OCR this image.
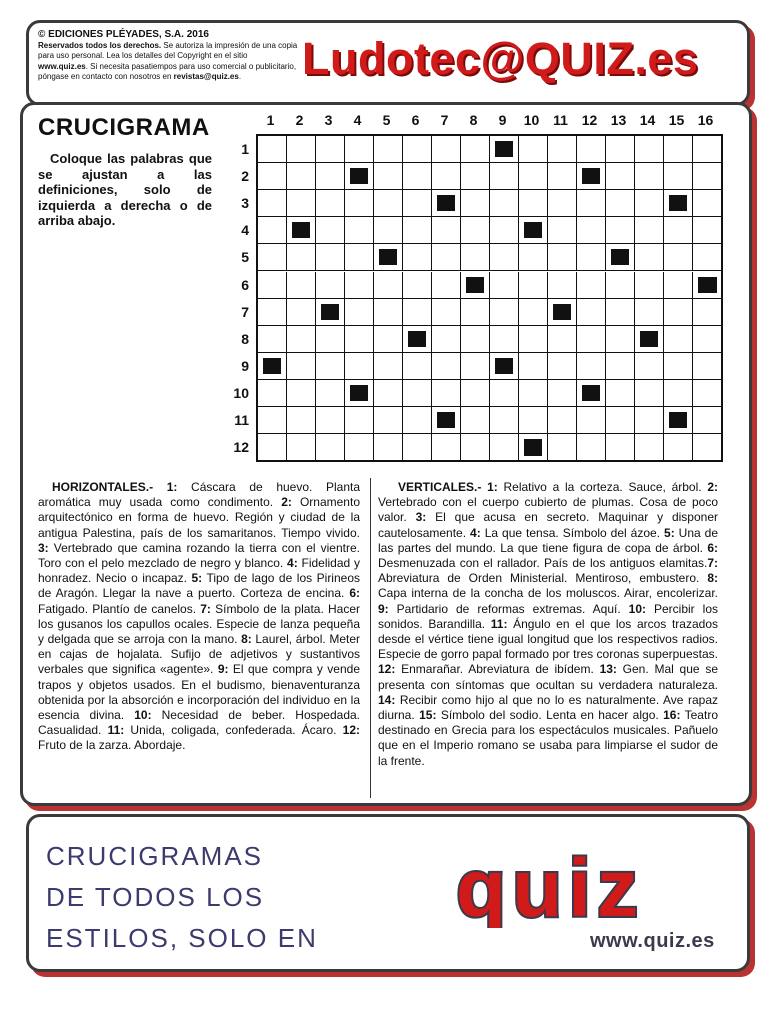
© EDICIONES PLÉYADES, S.A. 2016
Reservados todos los derechos. Se autoriza la impresión de una copia para uso personal. Lea los detalles del Copyright en el sitio www.quiz.es. Si necesita pasatiempos para uso comercial o publicitario, póngase en contacto con nosotros en revistas@quiz.es.	Ludotec@QUIZ.es
CRUCIGRAMA
Coloque las palabras que se ajustan a las definiciones, solo de izquierda a derecha o de arriba abajo.
1	2	3	4	5	6	7	8	9	10 11 12 13 14 15 16
1
2
3
4
5
6
7
8
9
10
11
12
HORIZONTALES.- 1: Cáscara de huevo. Planta aromática muy usada como condimento. 2: Ornamento arquitectónico en forma de huevo. Región y ciudad de la antigua Palestina, país de los samaritanos. Tiempo vivido. 3: Vertebrado que camina rozando la tierra con el vientre. Toro con el pelo mezclado de negro y blanco. 4: Fidelidad y honradez. Necio o incapaz. 5: Tipo de lago de los Pirineos de Aragón. Llegar la nave a puerto. Corteza de encina. 6: Fatigado. Plantío de canelos. 7: Símbolo de la plata. Hacer los gusanos los capullos ocales. Especie de lanza pequeña y delgada que se arroja con la mano. 8: Laurel, árbol. Meter en cajas de hojalata. Sufijo de adjetivos y sustantivos verbales que significa «agente». 9: El que compra y vende trapos y objetos usados. En el budismo, bienaventuranza obtenida por la absorción e incorporación del individuo en la esencia divina. 10: Necesidad de beber. Hospedada. Casualidad. 11: Unida, coligada, confederada. Ácaro. 12: Fruto de la zarza. Abordaje.
VERTICALES.- 1: Relativo a la corteza. Sauce, árbol. 2: Vertebrado con el cuerpo cubierto de plumas. Cosa de poco valor. 3: El que acusa en secreto. Maquinar y disponer cautelosamente. 4: La que tensa. Símbolo del ázoe. 5: Una de las partes del mundo. La que tiene figura de copa de árbol. 6: Desmenuzada con el rallador. País de los antiguos elamitas.7: Abreviatura de Orden Ministerial. Mentiroso, embustero. 8: Capa interna de la concha de los moluscos. Airar, encolerizar. 9: Partidario de reformas extremas. Aquí. 10: Percibir los sonidos. Barandilla. 11: Ángulo en el que los arcos trazados desde el vértice tiene igual longitud que los respectivos radios. Especie de gorro papal formado por tres coronas superpuestas. 12: Enmarañar. Abreviatura de ibídem. 13: Gen. Mal que se presenta con síntomas que ocultan su verdadera naturaleza. 14: Recibir como hijo al que no lo es naturalmente. Ave rapaz diurna. 15: Símbolo del sodio. Lenta en hacer algo. 16: Teatro destinado en Grecia para los espectáculos musicales. Pañuelo que en el Imperio romano se usaba para limpiarse el sudor de la frente.
CRUCIGRAMAS
DE TODOS LOS
ESTILOS, SOLO EN
quiz
www.quiz.es
